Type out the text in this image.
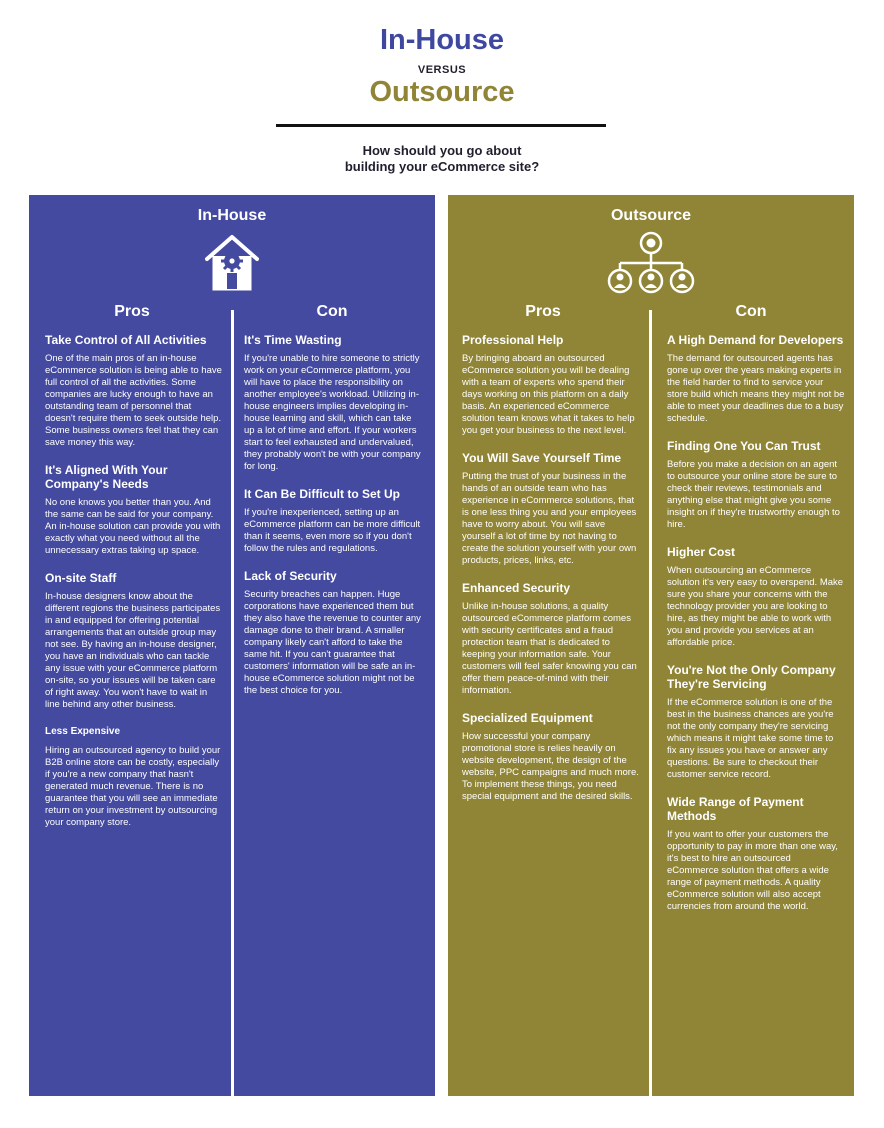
In-House
VERSUS
Outsource
How should you go about
building your eCommerce site?
In-House
Pros	Con
Take Control of All Activities

One of the main pros of an in-house eCommerce solution is being able to have full control of all the activities. Some companies are lucky enough to have an outstanding team of personnel that doesn't require them to seek outside help. Some business owners feel that they can save money this way.

It's Aligned With Your Company's Needs

No one knows you better than you. And the same can be said for your company. An in-house solution can provide you with exactly what you need without all the unnecessary extras taking up space.

On-site Staff

In-house designers know about the different regions the business participates in and equipped for offering potential arrangements that an outside group may not see. By having an in-house designer, you have an individuals who can tackle any issue with your eCommerce platform on-site, so your issues will be taken care of right away. You won't have to wait in line behind any other business.

Less Expensive

Hiring an outsourced agency to build your B2B online store can be costly, especially if you're a new company that hasn't generated much revenue. There is no guarantee that you will see an immediate return on your investment by outsourcing your company store.

It's Time Wasting

If you're unable to hire someone to strictly work on your eCommerce platform, you will have to place the responsibility on another employee's workload. Utilizing in-house engineers implies developing in-house learning and skill, which can take up a lot of time and effort. If your workers start to feel exhausted and undervalued, they probably won't be with your company for long.

It Can Be Difficult to Set Up

If you're inexperienced, setting up an eCommerce platform can be more difficult than it seems, even more so if you don't follow the rules and regulations.

Lack of Security

Security breaches can happen. Huge corporations have experienced them but they also have the revenue to counter any damage done to their brand. A smaller company likely can't afford to take the same hit. If you can't guarantee that customers' information will be safe an in-house eCommerce solution might not be the best choice for you.

Outsource
Pros	Con
Professional Help

By bringing aboard an outsourced eCommerce solution you will be dealing with a team of experts who spend their days working on this platform on a daily basis. An experienced eCommerce solution team knows what it takes to help you get your business to the next level.

You Will Save Yourself Time

Putting the trust of your business in the hands of an outside team who has experience in eCommerce solutions, that is one less thing you and your employees have to worry about. You will save yourself a lot of time by not having to create the solution yourself with your own products, prices, links, etc.

Enhanced Security

Unlike in-house solutions, a quality outsourced eCommerce platform comes with security certificates and a fraud protection team that is dedicated to keeping your information safe. Your customers will feel safer knowing you can offer them peace-of-mind with their information.

Specialized Equipment

How successful your company promotional store is relies heavily on website development, the design of the website, PPC campaigns and much more. To implement these things, you need special equipment and the desired skills.

A High Demand for Developers

The demand for outsourced agents has gone up over the years making experts in the field harder to find to service your store build which means they might not be able to meet your deadlines due to a busy schedule.

Finding One You Can Trust

Before you make a decision on an agent to outsource your online store be sure to check their reviews, testimonials and anything else that might give you some insight on if they're trustworthy enough to hire.

Higher Cost

When outsourcing an eCommerce solution it's very easy to overspend. Make sure you share your concerns with the technology provider you are looking to hire, as they might be able to work with you and provide you services at an affordable price.

You're Not the Only Company They're Servicing

If the eCommerce solution is one of the best in the business chances are you're not the only company they're servicing which means it might take some time to fix any issues you have or answer any questions. Be sure to checkout their customer service record.

Wide Range of Payment Methods

If you want to offer your customers the opportunity to pay in more than one way, it's best to hire an outsourced eCommerce solution that offers a wide range of payment methods. A quality eCommerce solution will also accept currencies from around the world.
